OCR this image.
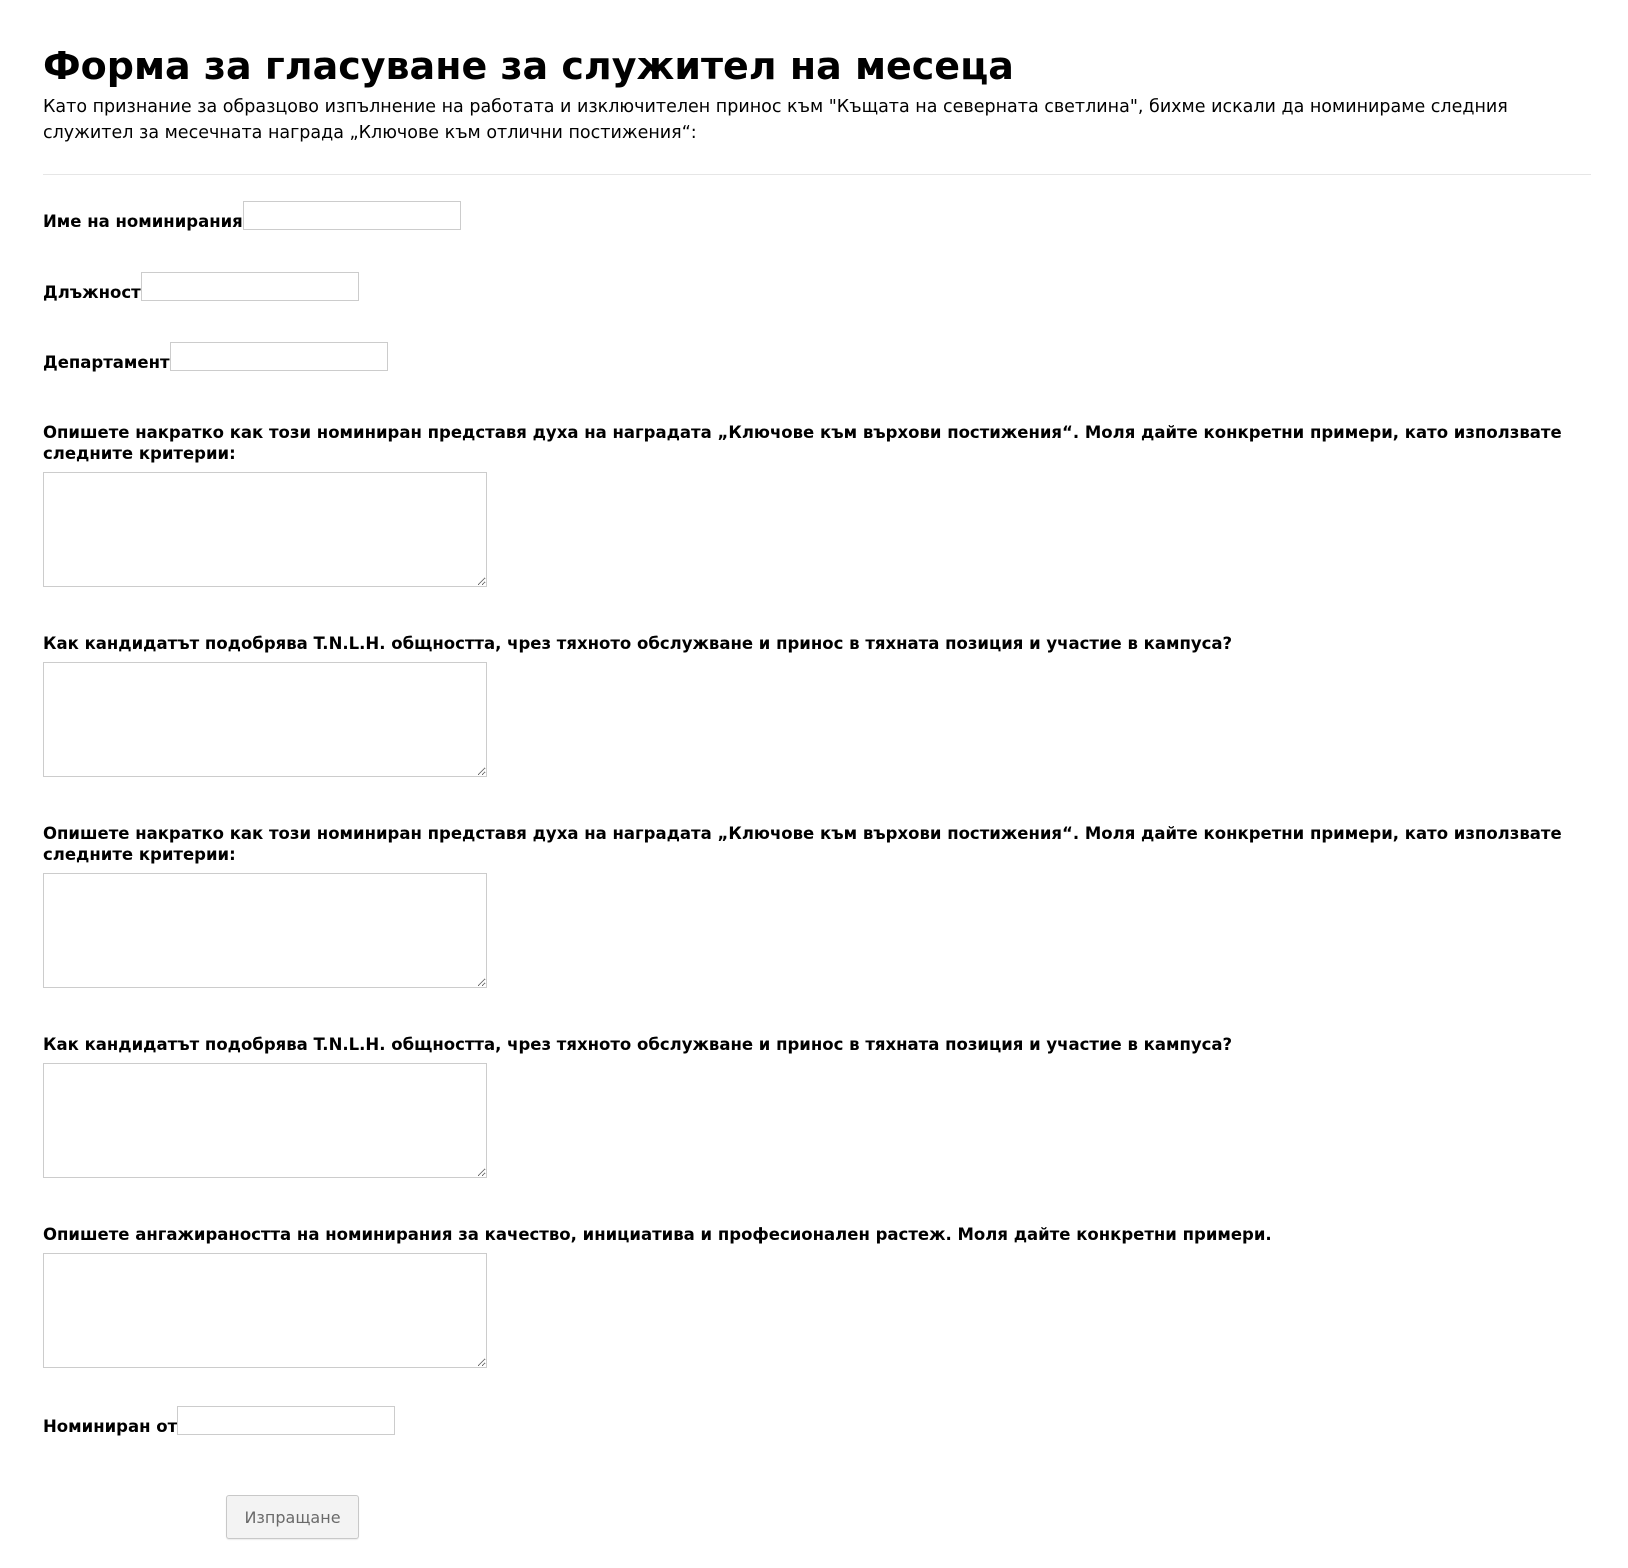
Форма за гласуване за служител на месеца

Като признание за образцово изпълнение на работата и изключителен принос към "Къщата на северната светлина", бихме искали да номинираме следния служител за месечната награда „Ключове към отлични постижения“:

Име на номинирания
Длъжност
Департамент
Опишете накратко как този номиниран представя духа на наградата „Ключове към върхови постижения“. Моля дайте конкретни примери, като използвате следните критерии:
Как кандидатът подобрява T.N.L.H. общността, чрез тяхното обслужване и принос в тяхната позиция и участие в кампуса?
Опишете накратко как този номиниран представя духа на наградата „Ключове към върхови постижения“. Моля дайте конкретни примери, като използвате следните критерии:
Как кандидатът подобрява T.N.L.H. общността, чрез тяхното обслужване и принос в тяхната позиция и участие в кампуса?
Опишете ангажираността на номинирания за качество, инициатива и професионален растеж. Моля дайте конкретни примери.
Номиниран от
Изпращане
